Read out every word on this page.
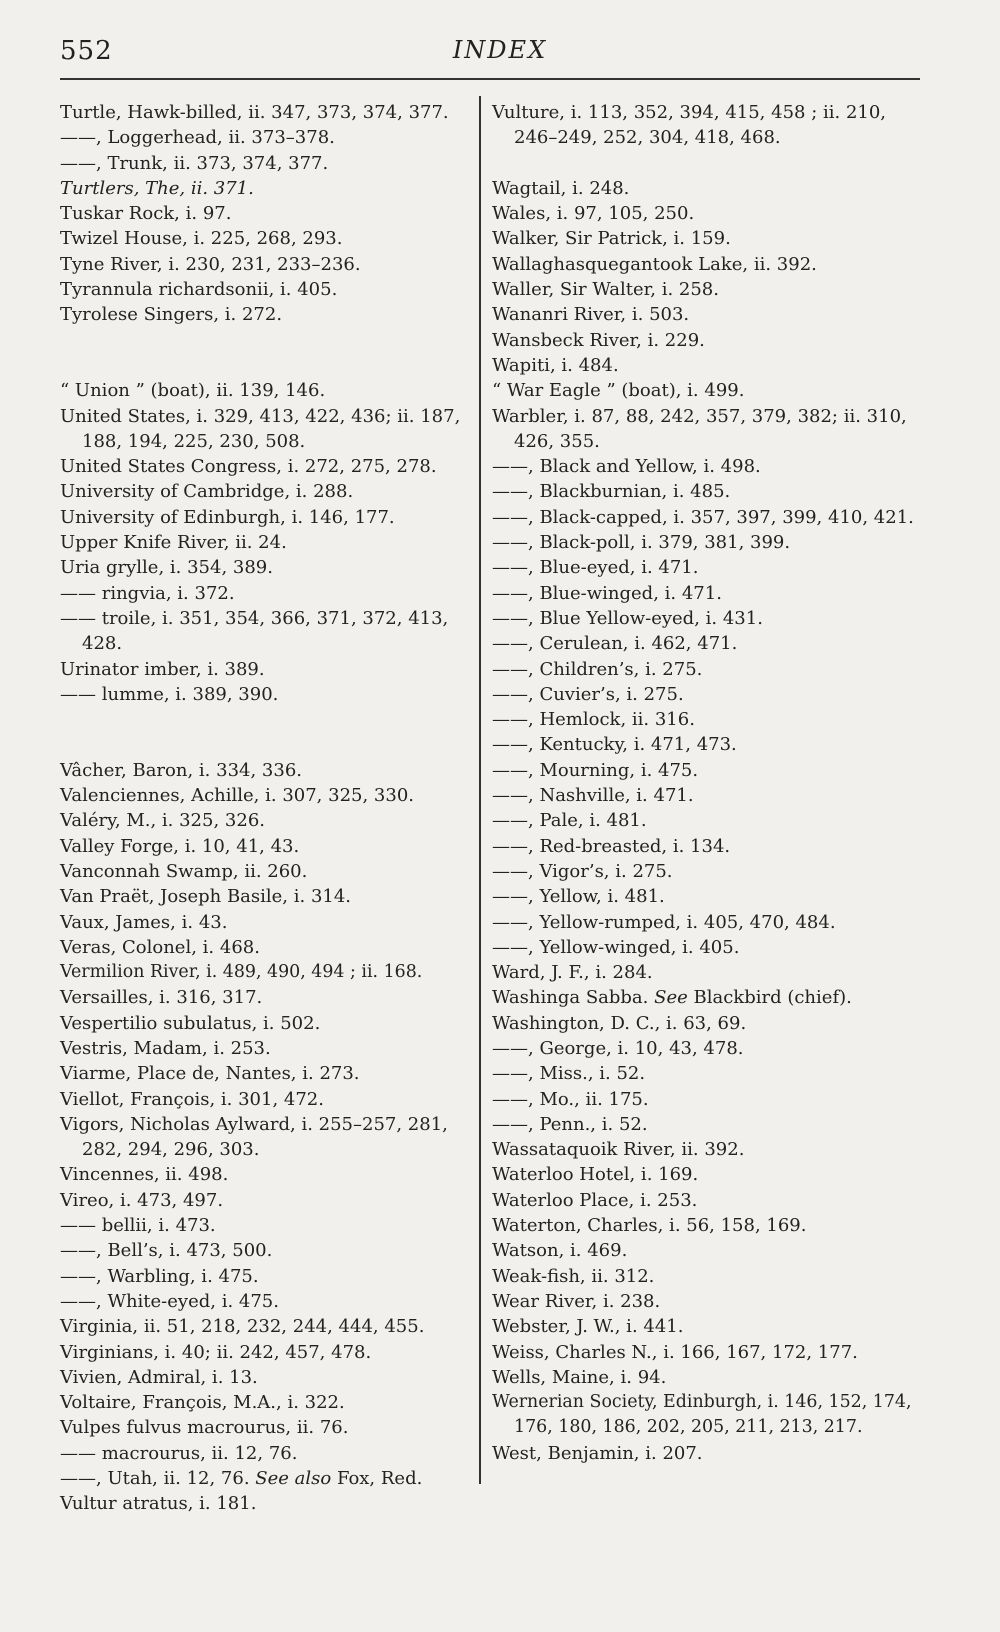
552	INDEX
Turtle, Hawk-billed, ii. 347, 373, 374, 377.
——, Loggerhead, ii. 373–378.
——, Trunk, ii. 373, 374, 377.
Turtlers, The, ii. 371.
Tuskar Rock, i. 97.
Twizel House, i. 225, 268, 293.
Tyne River, i. 230, 231, 233–236.
Tyrannula richardsonii, i. 405.
Tyrolese Singers, i. 272.
“ Union ” (boat), ii. 139, 146.
United States, i. 329, 413, 422, 436; ii. 187, 188, 194, 225, 230, 508.
United States Congress, i. 272, 275, 278.
University of Cambridge, i. 288.
University of Edinburgh, i. 146, 177.
Upper Knife River, ii. 24.
Uria grylle, i. 354, 389.
—— ringvia, i. 372.
—— troile, i. 351, 354, 366, 371, 372, 413, 428.
Urinator imber, i. 389.
—— lumme, i. 389, 390.
Vâcher, Baron, i. 334, 336.
Valenciennes, Achille, i. 307, 325, 330.
Valéry, M., i. 325, 326.
Valley Forge, i. 10, 41, 43.
Vanconnah Swamp, ii. 260.
Van Praët, Joseph Basile, i. 314.
Vaux, James, i. 43.
Veras, Colonel, i. 468.
Vermilion River, i. 489, 490, 494 ; ii. 168.
Versailles, i. 316, 317.
Vespertilio subulatus, i. 502.
Vestris, Madam, i. 253.
Viarme, Place de, Nantes, i. 273.
Viellot, François, i. 301, 472.
Vigors, Nicholas Aylward, i. 255–257, 281, 282, 294, 296, 303.
Vincennes, ii. 498.
Vireo, i. 473, 497.
—— bellii, i. 473.
——, Bell’s, i. 473, 500.
——, Warbling, i. 475.
——, White-eyed, i. 475.
Virginia, ii. 51, 218, 232, 244, 444, 455.
Virginians, i. 40; ii. 242, 457, 478.
Vivien, Admiral, i. 13.
Voltaire, François, M.A., i. 322.
Vulpes fulvus macrourus, ii. 76.
—— macrourus, ii. 12, 76.
——, Utah, ii. 12, 76. See also Fox, Red.
Vultur atratus, i. 181.
Vulture, i. 113, 352, 394, 415, 458 ; ii. 210, 246–249, 252, 304, 418, 468.
Wagtail, i. 248.
Wales, i. 97, 105, 250.
Walker, Sir Patrick, i. 159.
Wallaghasquegantook Lake, ii. 392.
Waller, Sir Walter, i. 258.
Wananri River, i. 503.
Wansbeck River, i. 229.
Wapiti, i. 484.
“ War Eagle ” (boat), i. 499.
Warbler, i. 87, 88, 242, 357, 379, 382; ii. 310, 426, 355.
——, Black and Yellow, i. 498.
——, Blackburnian, i. 485.
——, Black-capped, i. 357, 397, 399, 410, 421.
——, Black-poll, i. 379, 381, 399.
——, Blue-eyed, i. 471.
——, Blue-winged, i. 471.
——, Blue Yellow-eyed, i. 431.
——, Cerulean, i. 462, 471.
——, Children’s, i. 275.
——, Cuvier’s, i. 275.
——, Hemlock, ii. 316.
——, Kentucky, i. 471, 473.
——, Mourning, i. 475.
——, Nashville, i. 471.
——, Pale, i. 481.
——, Red-breasted, i. 134.
——, Vigor’s, i. 275.
——, Yellow, i. 481.
——, Yellow-rumped, i. 405, 470, 484.
——, Yellow-winged, i. 405.
Ward, J. F., i. 284.
Washinga Sabba. See Blackbird (chief).
Washington, D. C., i. 63, 69.
——, George, i. 10, 43, 478.
——, Miss., i. 52.
——, Mo., ii. 175.
——, Penn., i. 52.
Wassataquoik River, ii. 392.
Waterloo Hotel, i. 169.
Waterloo Place, i. 253.
Waterton, Charles, i. 56, 158, 169.
Watson, i. 469.
Weak-fish, ii. 312.
Wear River, i. 238.
Webster, J. W., i. 441.
Weiss, Charles N., i. 166, 167, 172, 177.
Wells, Maine, i. 94.
Wernerian Society, Edinburgh, i. 146, 152, 174, 176, 180, 186, 202, 205, 211, 213, 217.
West, Benjamin, i. 207.
